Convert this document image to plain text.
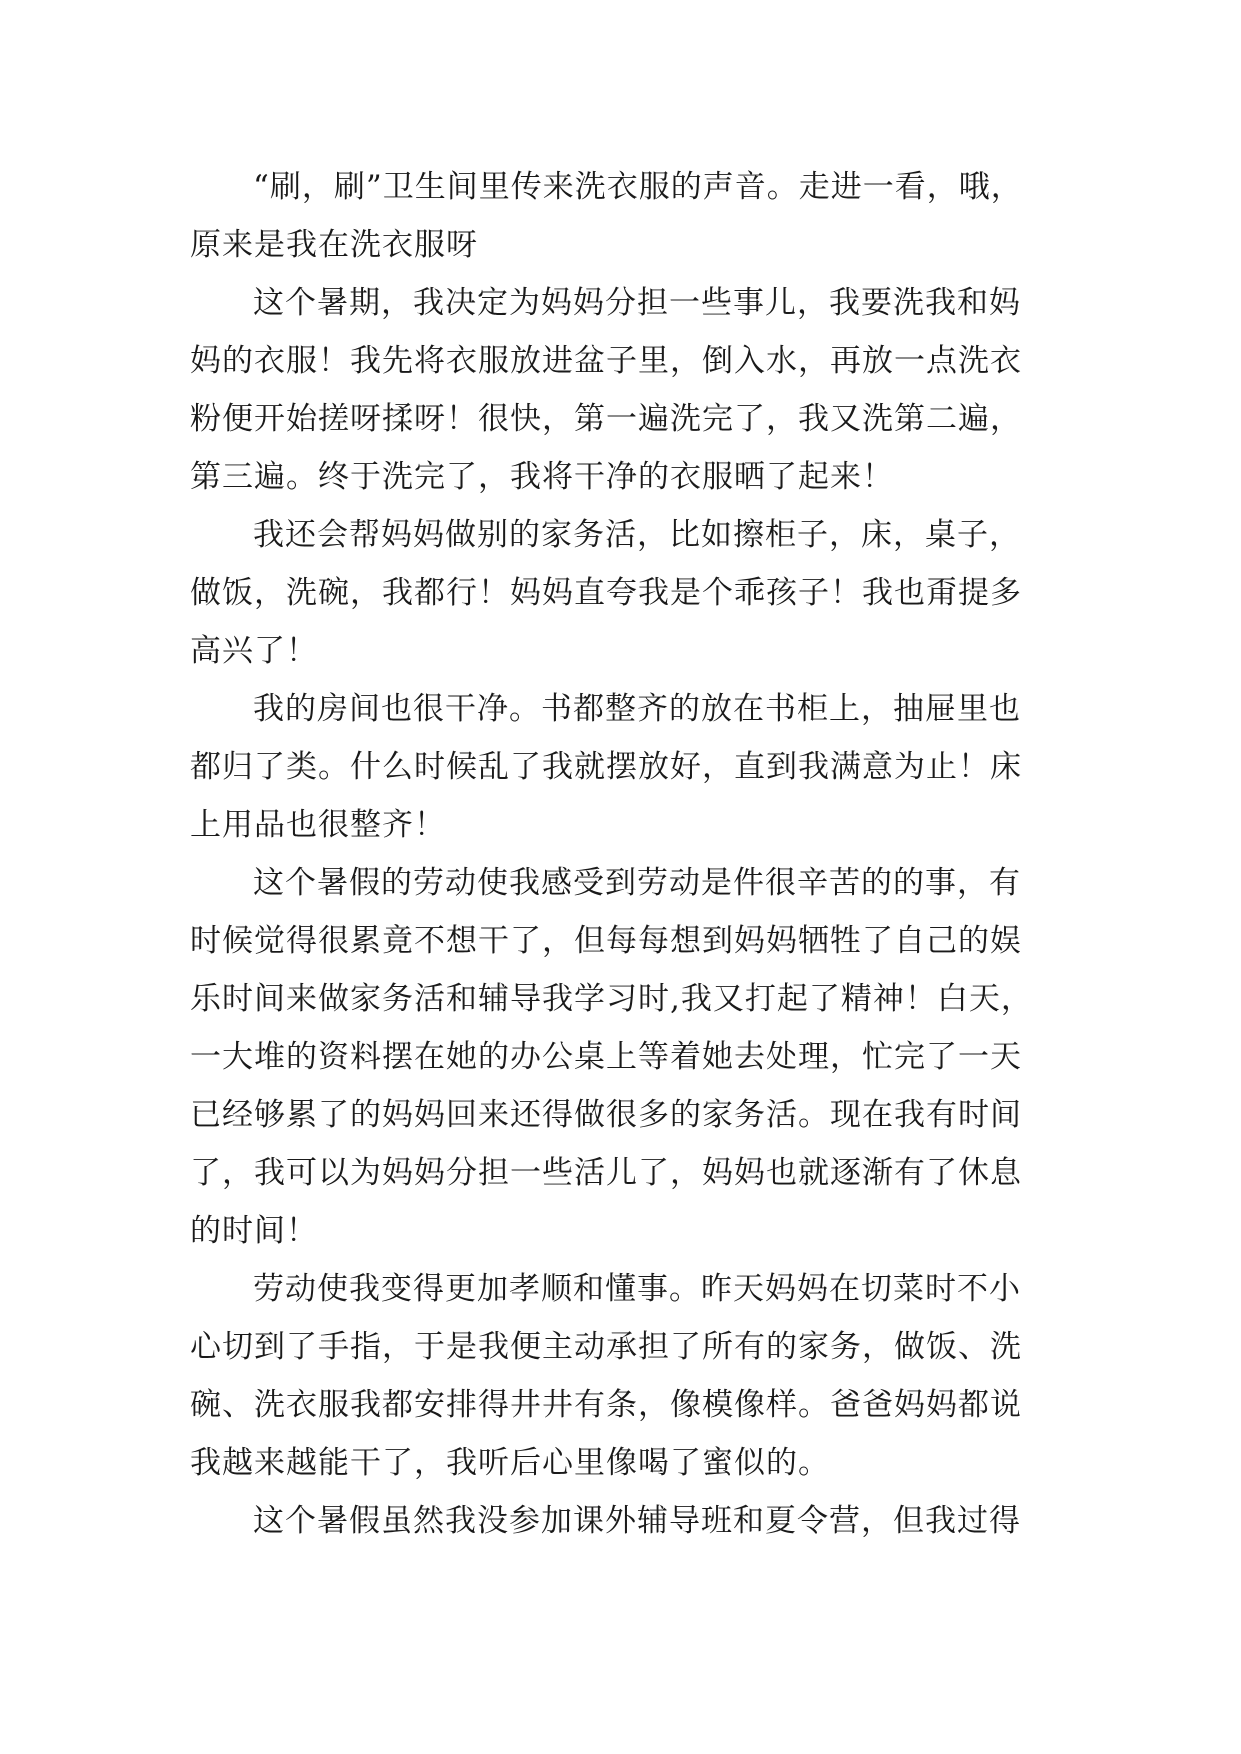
“刷，刷”卫生间里传来洗衣服的声音。走进一看，哦，
原来是我在洗衣服呀
这个暑期，我决定为妈妈分担一些事儿，我要洗我和妈
妈的衣服！我先将衣服放进盆子里，倒入水，再放一点洗衣
粉便开始搓呀揉呀！很快，第一遍洗完了，我又洗第二遍，
第三遍。终于洗完了，我将干净的衣服晒了起来！
我还会帮妈妈做别的家务活，比如擦柜子，床，桌子，
做饭，洗碗，我都行！妈妈直夸我是个乖孩子！我也甭提多
高兴了！
我的房间也很干净。书都整齐的放在书柜上，抽屉里也
都归了类。什么时候乱了我就摆放好，直到我满意为止！床
上用品也很整齐！
这个暑假的劳动使我感受到劳动是件很辛苦的的事，有
时候觉得很累竟不想干了，但每每想到妈妈牺牲了自己的娱
乐时间来做家务活和辅导我学习时,我又打起了精神！白天，
一大堆的资料摆在她的办公桌上等着她去处理，忙完了一天
已经够累了的妈妈回来还得做很多的家务活。现在我有时间
了，我可以为妈妈分担一些活儿了，妈妈也就逐渐有了休息
的时间！
劳动使我变得更加孝顺和懂事。昨天妈妈在切菜时不小
心切到了手指，于是我便主动承担了所有的家务，做饭、洗
碗、洗衣服我都安排得井井有条，像模像样。爸爸妈妈都说
我越来越能干了，我听后心里像喝了蜜似的。
这个暑假虽然我没参加课外辅导班和夏令营，但我过得
